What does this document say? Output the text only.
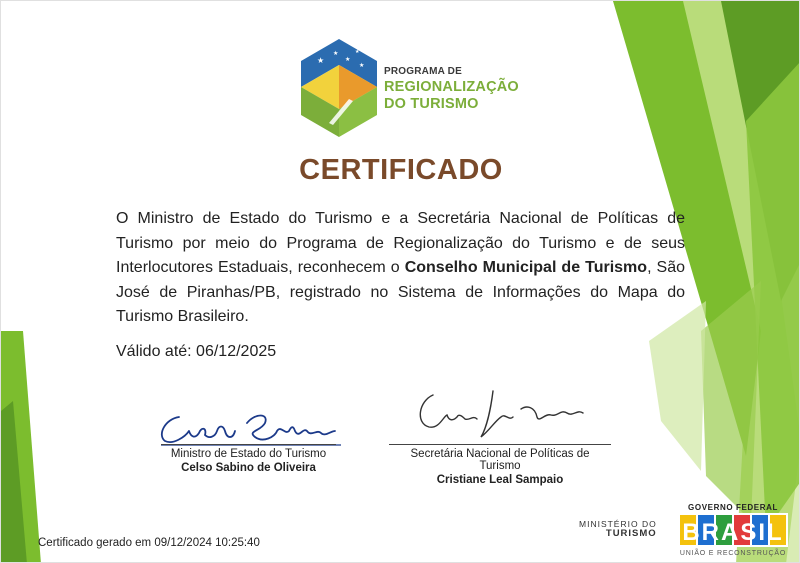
★
★
★
★
★ PROGRAMA DE
REGIONALIZAÇÃO
DO TURISMO
CERTIFICADO
O Ministro de Estado do Turismo e a Secretária Nacional de Políticas de Turismo por meio do Programa de Regionalização do Turismo e de seus Interlocutores Estaduais, reconhecem o Conselho Municipal de Turismo, São José de Piranhas/PB, registrado no Sistema de Informações do Mapa do Turismo Brasileiro.
Válido até: 06/12/2025
Ministro de Estado do Turismo
Celso Sabino de Oliveira
Secretária Nacional de Políticas de Turismo
Cristiane Leal Sampaio
Certificado gerado em 09/12/2024 10:25:40
MINISTÉRIO DO
TURISMO
GOVERNO FEDERAL
BRASIL
UNIÃO E RECONSTRUÇÃO
